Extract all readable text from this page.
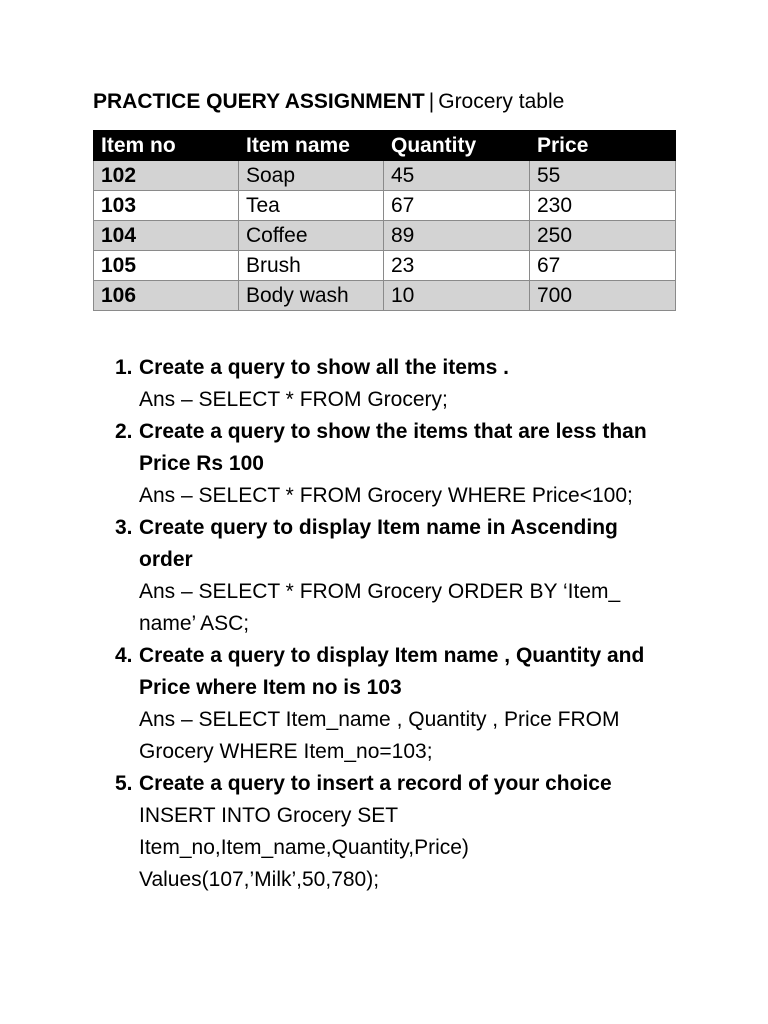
PRACTICE QUERY ASSIGNMENT | Grocery table
Item no	Item name	Quantity	Price
102	Soap	45	55
103	Tea	67	230
104	Coffee	89	250
105	Brush	23	67
106	Body wash	10	700
1. Create a query to show all the items .
Ans – SELECT * FROM Grocery;
2. Create a query to show the items that are less than Price Rs 100
Ans – SELECT * FROM Grocery WHERE Price<100;
3. Create query to display Item name in Ascending order
Ans – SELECT * FROM Grocery ORDER BY ‘Item_ name’ ASC;
4. Create a query to display Item name , Quantity and Price where Item no is 103
Ans – SELECT Item_name , Quantity , Price FROM Grocery WHERE Item_no=103;
5. Create a query to insert a record of your choice
INSERT INTO Grocery SET
Item_no,Item_name,Quantity,Price)
Values(107,’Milk’,50,780);
